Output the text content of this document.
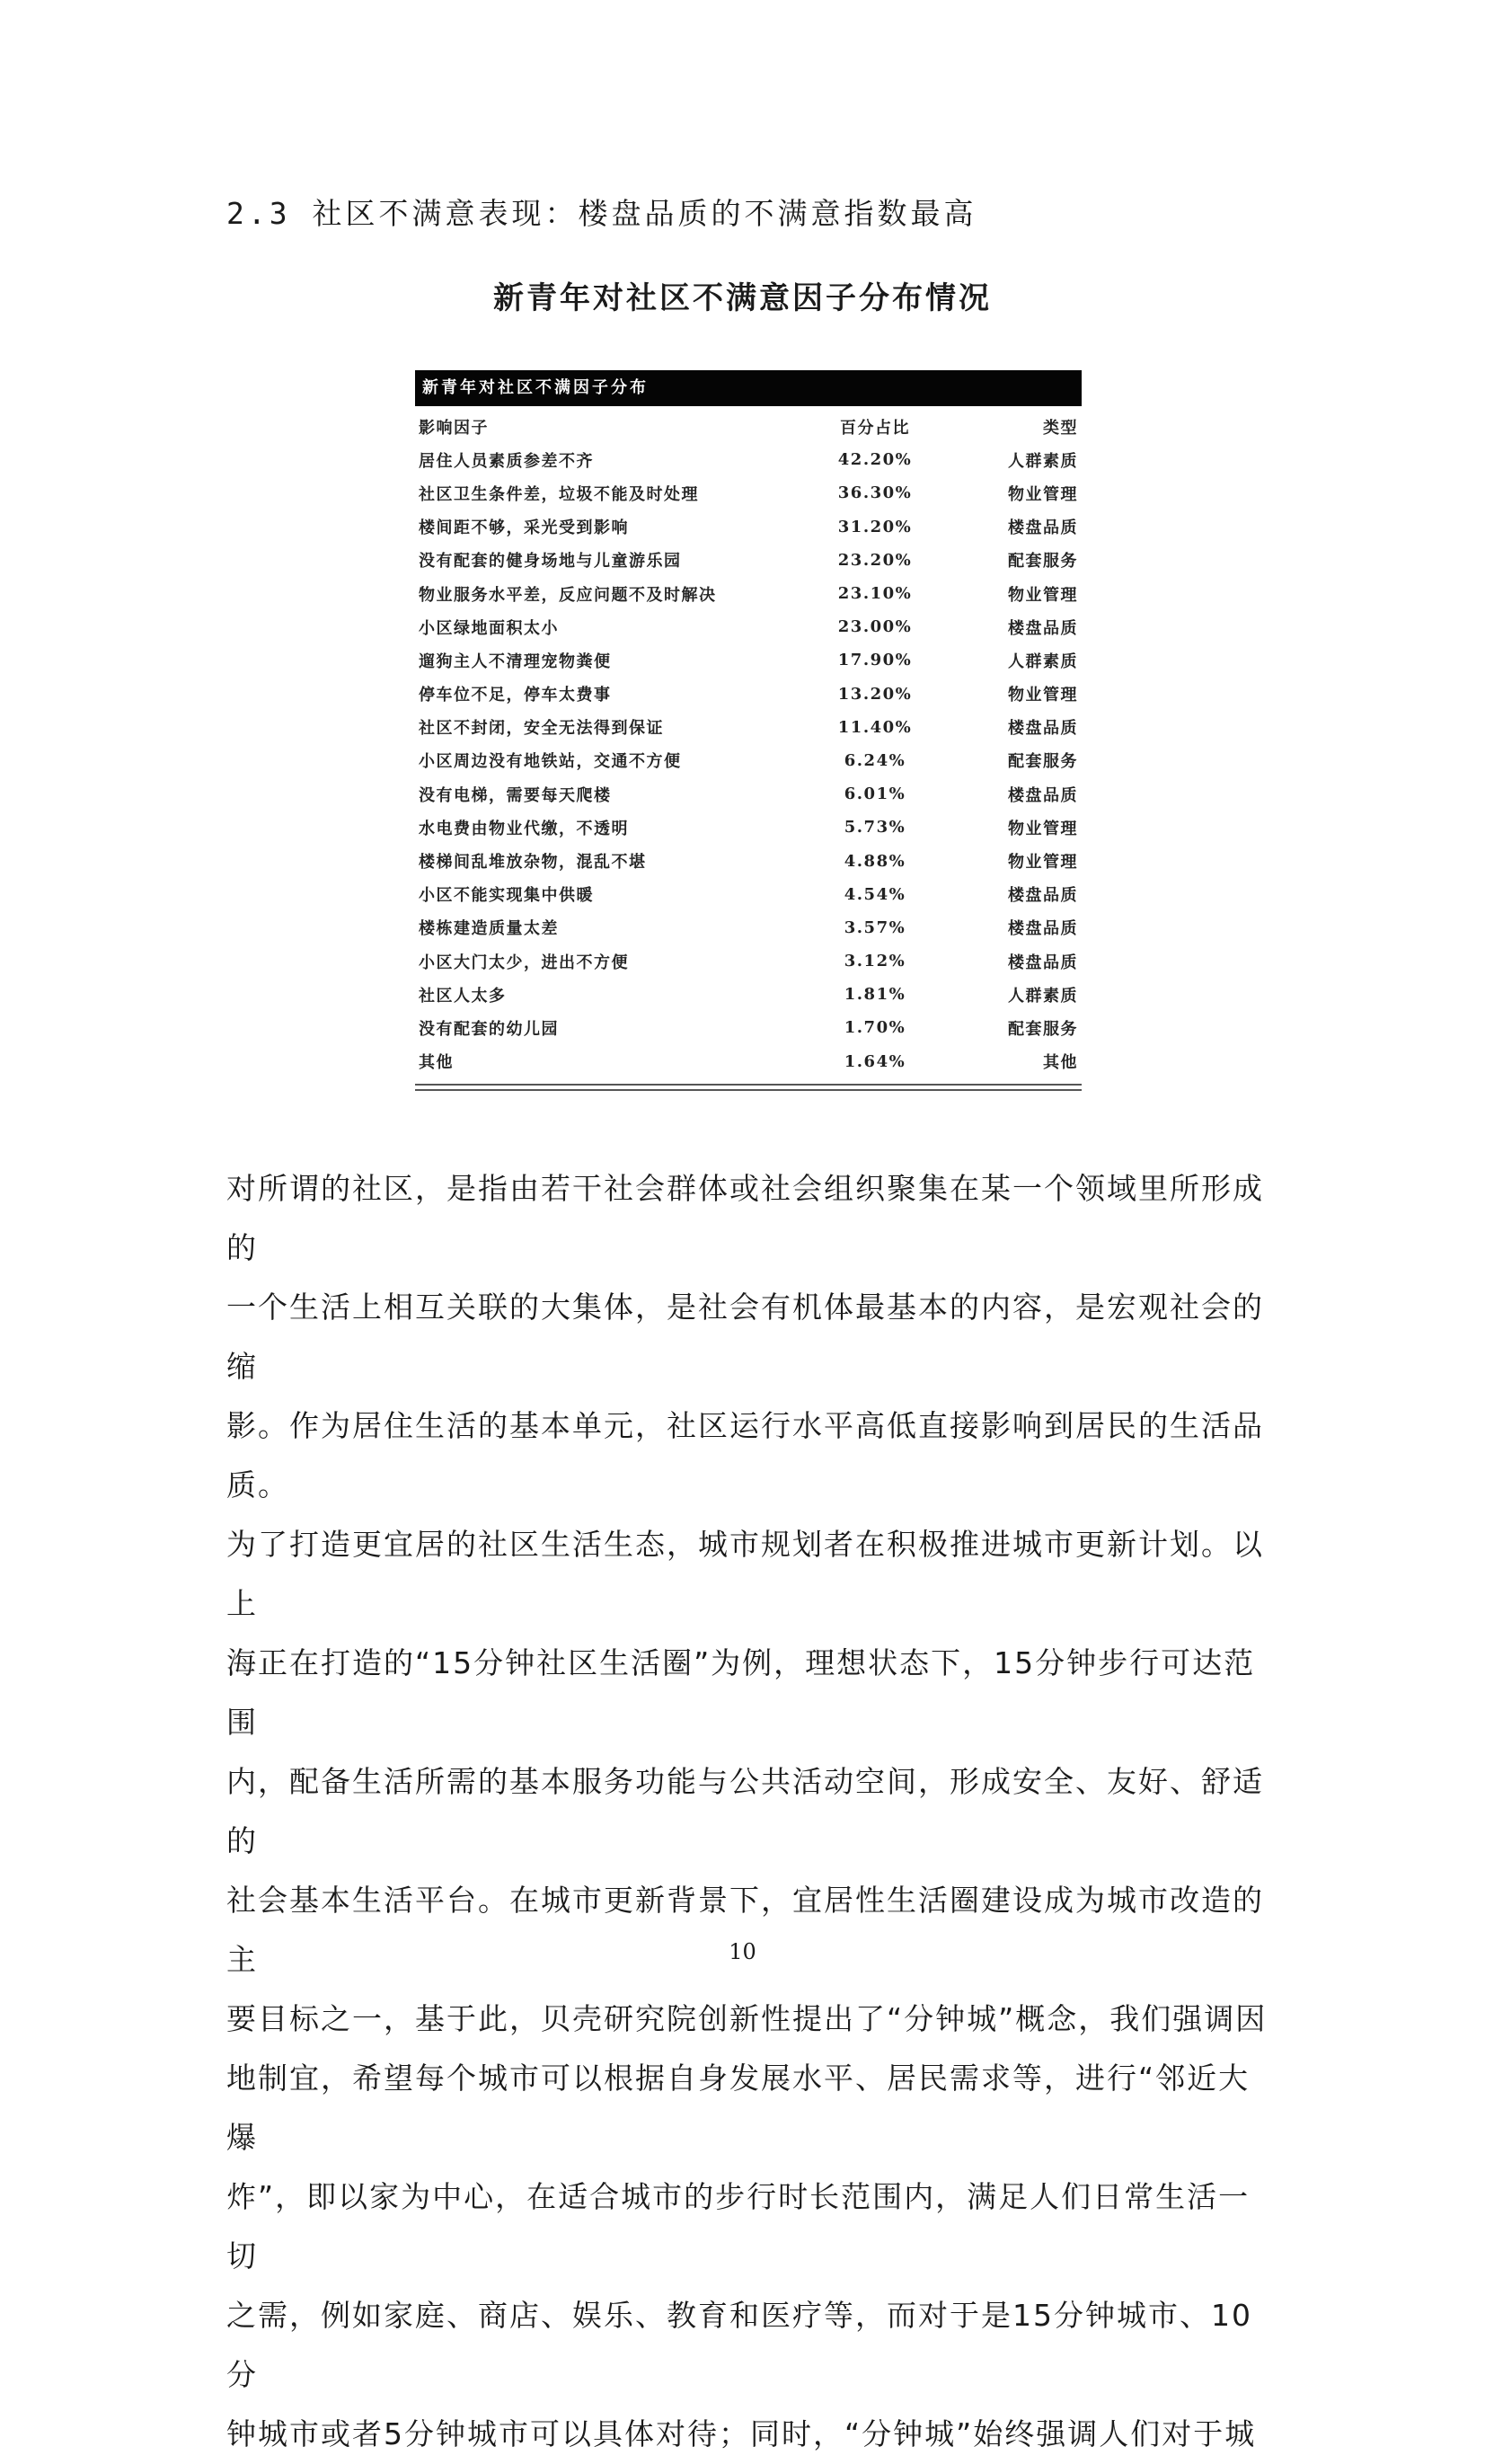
2.3 社区不满意表现：楼盘品质的不满意指数最高
新青年对社区不满意因子分布情况
新青年对社区不满因子分布
影响因子	百分占比	类型
居住人员素质参差不齐	42.20%	人群素质
社区卫生条件差，垃圾不能及时处理	36.30%	物业管理
楼间距不够，采光受到影响	31.20%	楼盘品质
没有配套的健身场地与儿童游乐园	23.20%	配套服务
物业服务水平差，反应问题不及时解决	23.10%	物业管理
小区绿地面积太小	23.00%	楼盘品质
遛狗主人不清理宠物粪便	17.90%	人群素质
停车位不足，停车太费事	13.20%	物业管理
社区不封闭，安全无法得到保证	11.40%	楼盘品质
小区周边没有地铁站，交通不方便	6.24%	配套服务
没有电梯，需要每天爬楼	6.01%	楼盘品质
水电费由物业代缴，不透明	5.73%	物业管理
楼梯间乱堆放杂物，混乱不堪	4.88%	物业管理
小区不能实现集中供暖	4.54%	楼盘品质
楼栋建造质量太差	3.57%	楼盘品质
小区大门太少，进出不方便	3.12%	楼盘品质
社区人太多	1.81%	人群素质
没有配套的幼儿园	1.70%	配套服务
其他	1.64%	其他

对所谓的社区，是指由若干社会群体或社会组织聚集在某一个领域里所形成的

一个生活上相互关联的大集体，是社会有机体最基本的内容，是宏观社会的缩

影。作为居住生活的基本单元，社区运行水平高低直接影响到居民的生活品

质。

为了打造更宜居的社区生活生态，城市规划者在积极推进城市更新计划。以上

海正在打造的“15分钟社区生活圈”为例，理想状态下，15分钟步行可达范围

内，配备生活所需的基本服务功能与公共活动空间，形成安全、友好、舒适的

社会基本生活平台。在城市更新背景下，宜居性生活圈建设成为城市改造的主

要目标之一，基于此，贝壳研究院创新性提出了“分钟城”概念，我们强调因

地制宜，希望每个城市可以根据自身发展水平、居民需求等，进行“邻近大爆

炸”，即以家为中心，在适合城市的步行时长范围内，满足人们日常生活一切

之需，例如家庭、商店、娱乐、教育和医疗等，而对于是15分钟城市、10分

钟城市或者5分钟城市可以具体对待；同时，“分钟城”始终强调人们对于城

10
